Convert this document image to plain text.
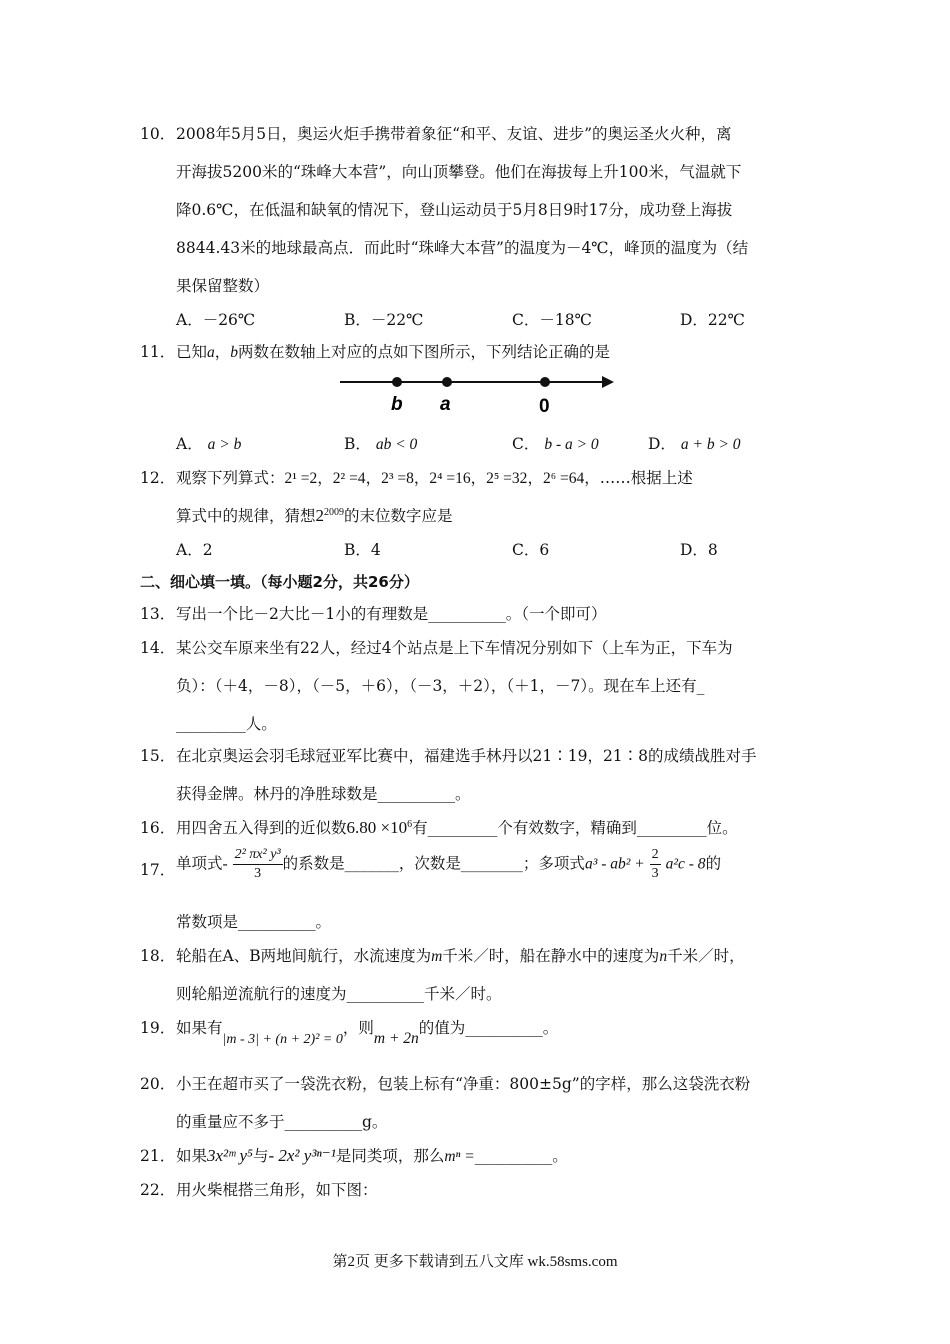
10． 2008年5月5日，奥运火炬手携带着象征“和平、友谊、进步”的奥运圣火火种，离
开海拔5200米的“珠峰大本营”，向山顶攀登。他们在海拔每上升100米，气温就下
降0.6℃，在低温和缺氧的情况下，登山运动员于5月8日9时17分，成功登上海拔
8844.43米的地球最高点．而此时“珠峰大本营”的温度为－4℃，峰顶的温度为（结
果保留整数）
A．－26℃	B．－22℃	C．－18℃	D．22℃
11． 已知a，b两数在数轴上对应的点如下图所示，下列结论正确的是
b a	0
A． a > b	B． ab < 0	C． b - a > 0	D． a + b > 0
12． 观察下列算式：2¹ =2，2² =4，2³ =8，2⁴ =16，2⁵ =32，2⁶ =64，……根据上述
算式中的规律，猜想$2^{2009}$的末位数字应是
A．2	B．4	C．6	D．8
二、细心填一填。（每小题2分，共26分）
13． 写出一个比－2大比－1小的有理数是__________。（一个即可）
14． 某公交车原来坐有22人，经过4个站点是上下车情况分别如下（上车为正，下车为
负）：（＋4，－8），（－5，＋6），（－3，＋2），（＋1，－7）。现在车上还有_
_________人。
15． 在北京奥运会羽毛球冠亚军比赛中，福建选手林丹以21∶19，21∶8的成绩战胜对手
获得金牌。林丹的净胜球数是__________。
16． 用四舍五入得到的近似数$6.80 \times 10^6$有_________个有效数字，精确到_________位。
17． 单项式- $\frac{\text{2² πx² y³}}{3}$ 的系数是_______，次数是________；多项式$a^3 - ab^2 + \frac{2}{3} a^2c - 8$的
常数项是__________。
18． 轮船在A、B两地间航行，水流速度为m千米／时，船在静水中的速度为n千米／时，
则轮船逆流航行的速度为__________千米／时。
19． 如果有|m - 3| + (n + 2)² = 0，则m + 2n的值为__________。
20． 小王在超市买了一袋洗衣粉，包装上标有“净重：800±5g”的字样，那么这袋洗衣粉
的重量应不多于__________g。
21． 如果3x²ᵐ y⁵与- 2x² y³ⁿ⁻¹是同类项，那么mⁿ =__________。
22． 用火柴棍搭三角形，如下图：
第2页 更多下载请到五八文库 wk.58sms.com
